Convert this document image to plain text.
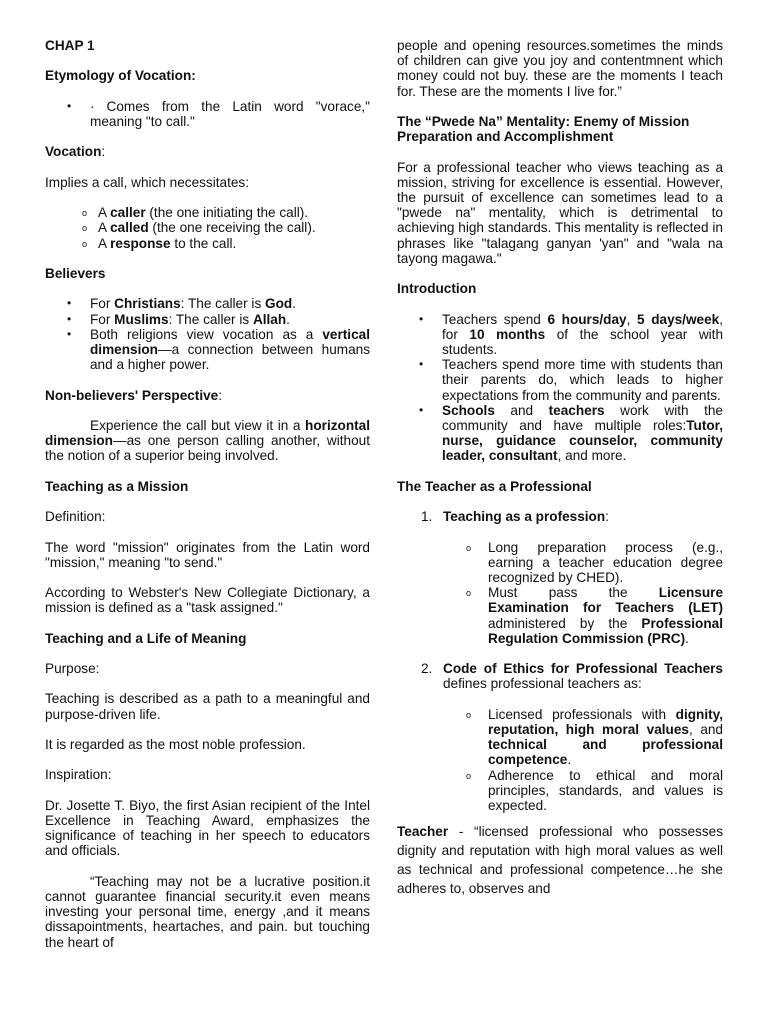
CHAP 1
Etymology of Vocation:
• · Comes from the Latin word "vorace," meaning "to call."

Vocation:

Implies a call, which necessitates:

o A caller (the one initiating the call).
o A called (the one receiving the call).
o A response to the call.
Believers
• For Christians: The caller is God.
• For Muslims: The caller is Allah.
• Both religions view vocation as a vertical dimension—a connection between humans and a higher power.

Non-believers' Perspective:

Experience the call but view it in a horizontal dimension—as one person calling another, without the notion of a superior being involved.

Teaching as a Mission

Definition:

The word "mission" originates from the Latin word "mission," meaning "to send."

According to Webster's New Collegiate Dictionary, a mission is defined as a "task assigned."

Teaching and a Life of Meaning

Purpose:

Teaching is described as a path to a meaningful and purpose-driven life.

It is regarded as the most noble profession.

Inspiration:

Dr. Josette T. Biyo, the first Asian recipient of the Intel Excellence in Teaching Award, emphasizes the significance of teaching in her speech to educators and officials.

“Teaching may not be a lucrative position.it cannot guarantee financial security.it even means investing your personal time, energy ,and it means dissapointments, heartaches, and pain. but touching the heart of

people and opening resources.sometimes the minds of children can give you joy and contentmnent which money could not buy. these are the moments I teach for. These are the moments I live for.”

The “Pwede Na” Mentality: Enemy of Mission Preparation and Accomplishment

For a professional teacher who views teaching as a mission, striving for excellence is essential. However, the pursuit of excellence can sometimes lead to a "pwede na" mentality, which is detrimental to achieving high standards. This mentality is reflected in phrases like "talagang ganyan 'yan" and "wala na tayong magawa."

Introduction
• Teachers spend 6 hours/day, 5 days/week, for 10 months of the school year with students.
• Teachers spend more time with students than their parents do, which leads to higher expectations from the community and parents.
• Schools and teachers work with the community and have multiple roles:Tutor, nurse, guidance counselor, community leader, consultant, and more.
The Teacher as a Professional
1. Teaching as a profession:
o Long preparation process (e.g., earning a teacher education degree recognized by CHED).
o Must pass the Licensure Examination for Teachers (LET) administered by the Professional Regulation Commission (PRC).
2. Code of Ethics for Professional Teachers defines professional teachers as:
o Licensed professionals with dignity, reputation, high moral values, and technical and professional competence.
o Adherence to ethical and moral principles, standards, and values is expected.

Teacher - “licensed professional who possesses dignity and reputation with high moral values as well as technical and professional competence…he she adheres to, observes and
